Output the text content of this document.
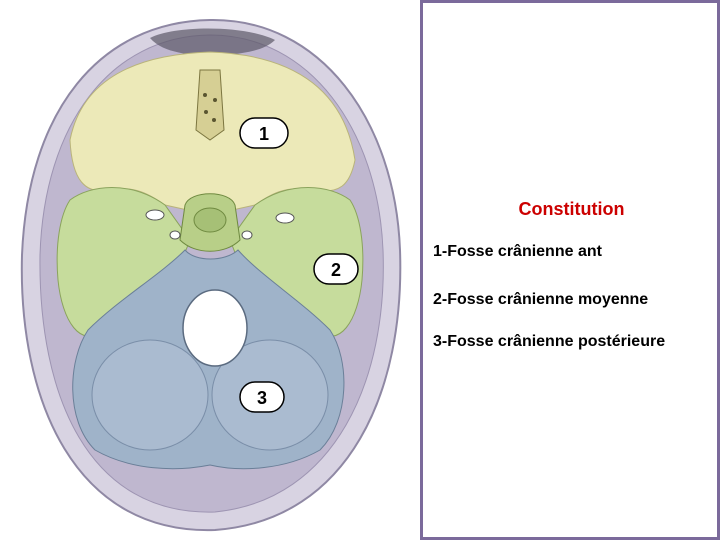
1
2
3
Constitution
1-Fosse crânienne ant
2-Fosse crânienne moyenne
3-Fosse crânienne postérieure
